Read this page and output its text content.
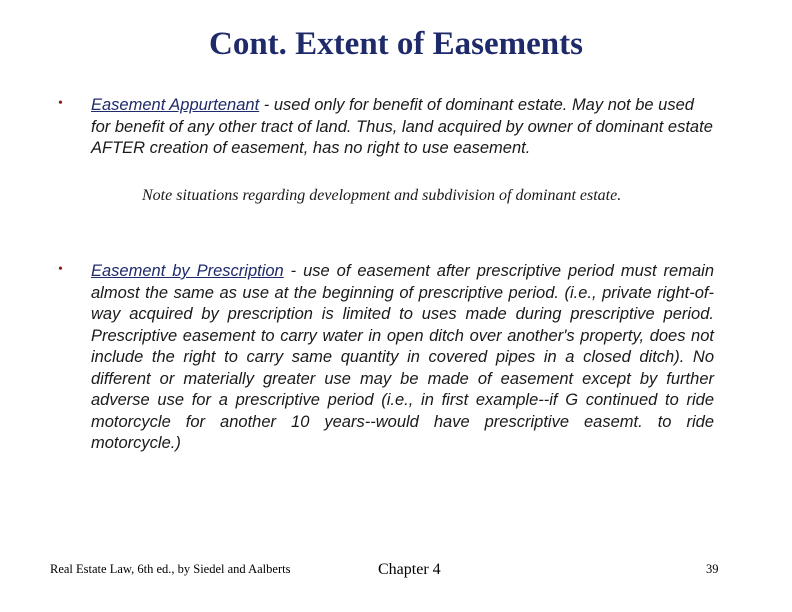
Cont. Extent of Easements
• Easement Appurtenant - used only for benefit of dominant estate. May not be used for benefit of any other tract of land. Thus, land acquired by owner of dominant estate AFTER creation of easement, has no right to use easement.
Note situations regarding development and subdivision of dominant estate.
• Easement by Prescription - use of easement after prescriptive period must remain almost the same as use at the beginning of prescriptive period. (i.e., private right-of-way acquired by prescription is limited to uses made during prescriptive period. Prescriptive easement to carry water in open ditch over another's property, does not include the right to carry same quantity in covered pipes in a closed ditch). No different or materially greater use may be made of easement except by further adverse use for a prescriptive period (i.e., in first example--if G continued to ride motorcycle for another 10 years--would have prescriptive easemt. to ride motorcycle.)
Real Estate Law, 6th ed., by Siedel and Aalberts	Chapter 4	39
